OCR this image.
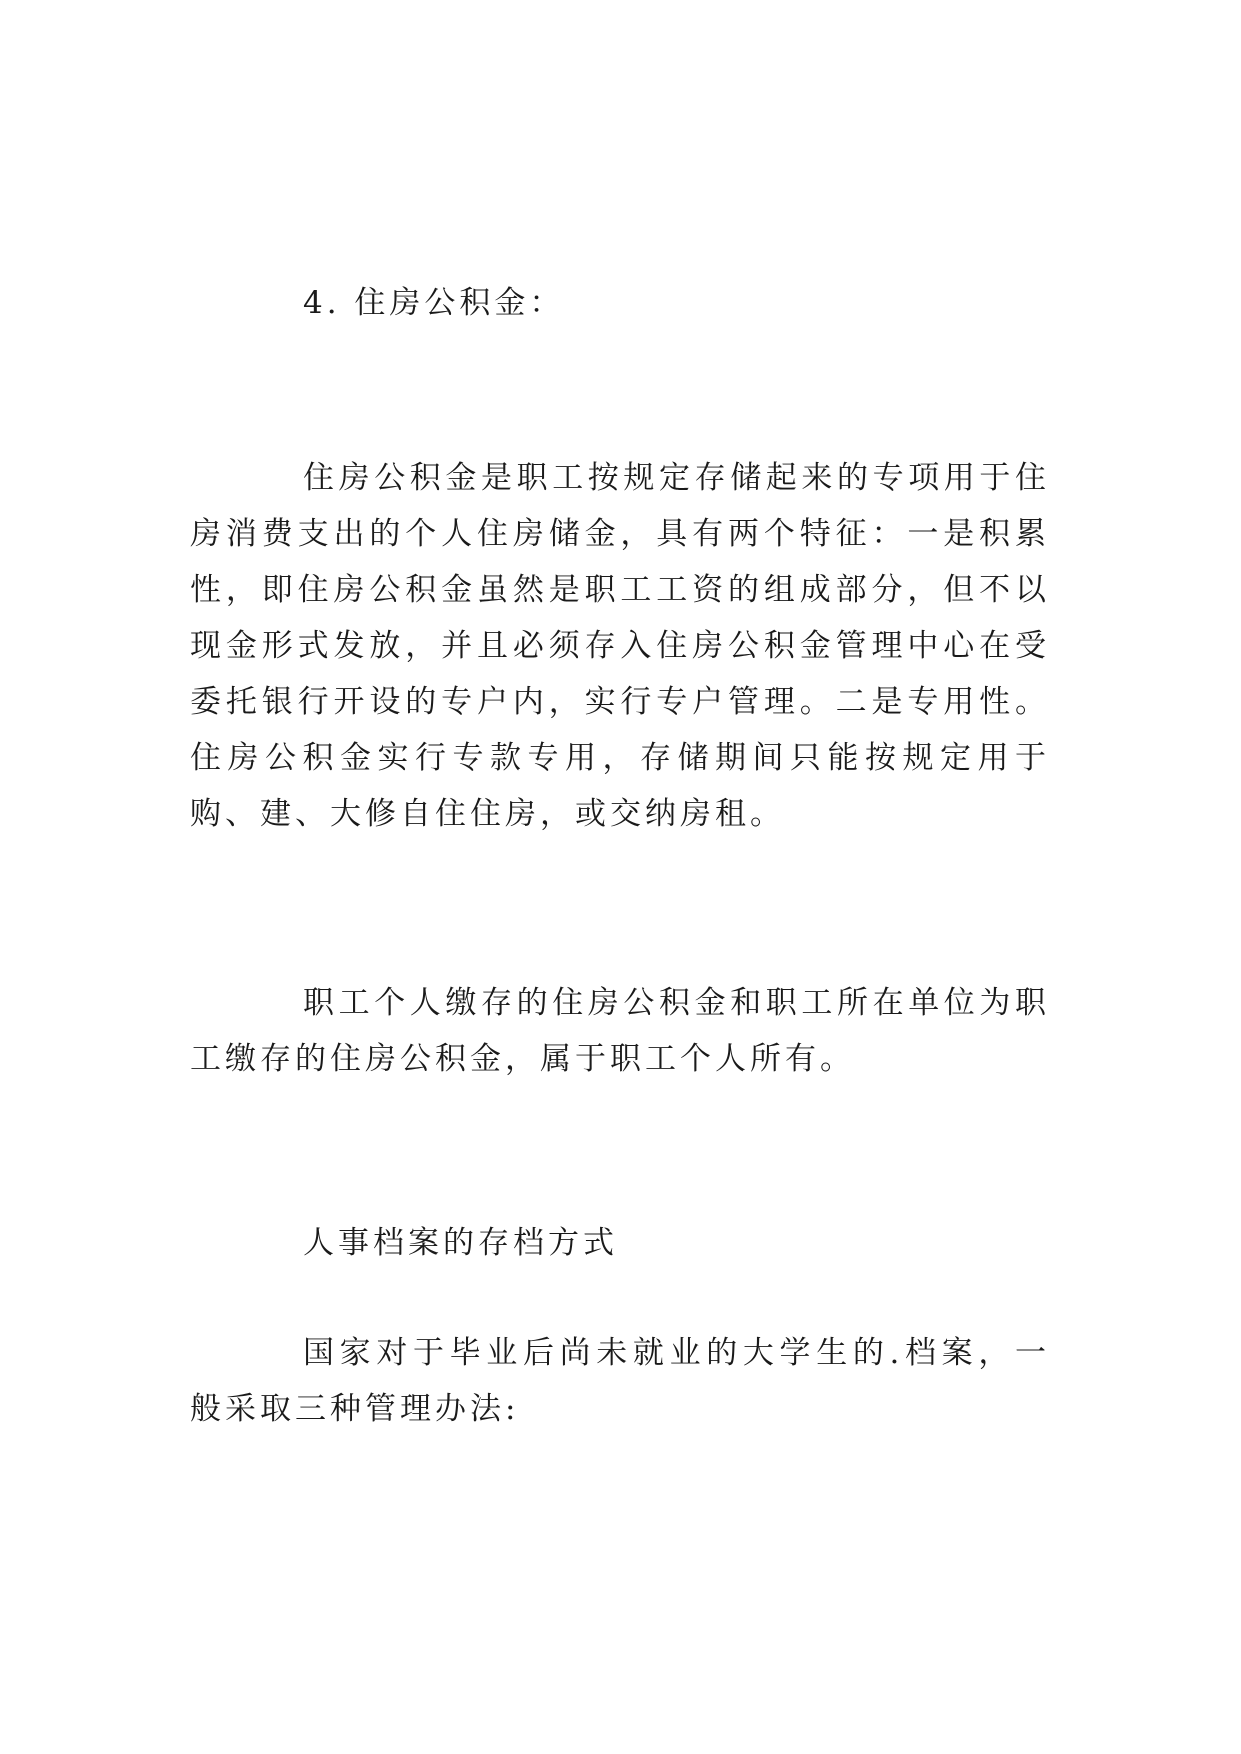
4. 住房公积金：

住房公积金是职工按规定存储起来的专项用于住房消费支出的个人住房储金，具有两个特征：一是积累性，即住房公积金虽然是职工工资的组成部分，但不以现金形式发放，并且必须存入住房公积金管理中心在受委托银行开设的专户内，实行专户管理。二是专用性。住房公积金实行专款专用，存储期间只能按规定用于购、建、大修自住住房，或交纳房租。

职工个人缴存的住房公积金和职工所在单位为职工缴存的住房公积金，属于职工个人所有。

人事档案的存档方式

国家对于毕业后尚未就业的大学生的.档案，一般采取三种管理办法:
